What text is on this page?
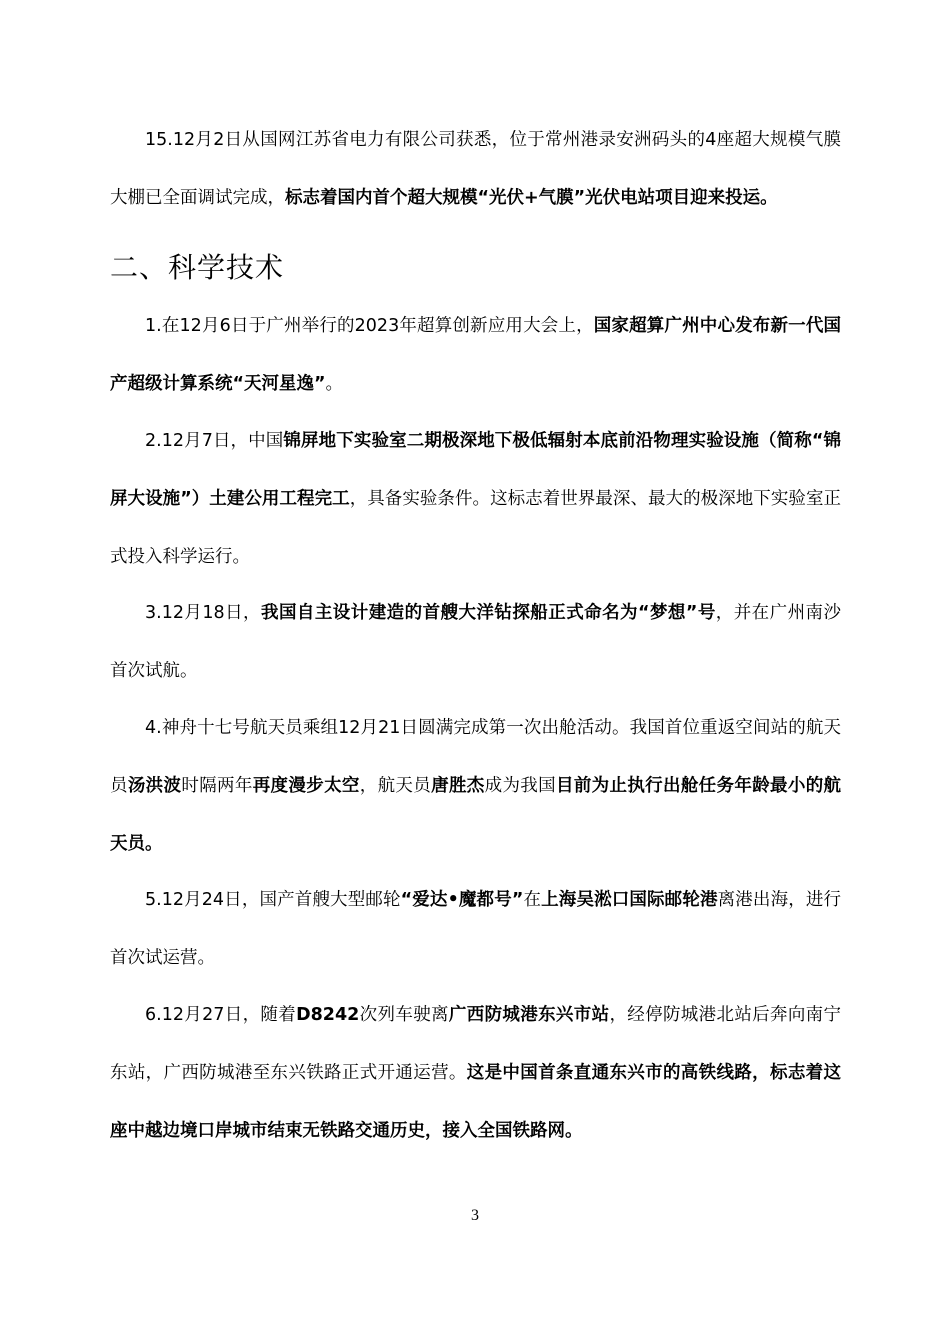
15.12月2日从国网江苏省电力有限公司获悉，位于常州港录安洲码头的4座超大规模气膜大棚已全面调试完成，标志着国内首个超大规模“光伏+气膜”光伏电站项目迎来投运。

二、科学技术

1.在12月6日于广州举行的2023年超算创新应用大会上，国家超算广州中心发布新一代国产超级计算系统“天河星逸”。

2.12月7日，中国锦屏地下实验室二期极深地下极低辐射本底前沿物理实验设施（简称“锦屏大设施”）土建公用工程完工，具备实验条件。这标志着世界最深、最大的极深地下实验室正式投入科学运行。

3.12月18日，我国自主设计建造的首艘大洋钻探船正式命名为“梦想”号，并在广州南沙首次试航。

4.神舟十七号航天员乘组12月21日圆满完成第一次出舱活动。我国首位重返空间站的航天员汤洪波时隔两年再度漫步太空，航天员唐胜杰成为我国目前为止执行出舱任务年龄最小的航天员。

5.12月24日，国产首艘大型邮轮“爱达•魔都号”在上海吴淞口国际邮轮港离港出海，进行首次试运营。

6.12月27日，随着D8242次列车驶离广西防城港东兴市站，经停防城港北站后奔向南宁东站，广西防城港至东兴铁路正式开通运营。这是中国首条直通东兴市的高铁线路，标志着这座中越边境口岸城市结束无铁路交通历史，接入全国铁路网。

3
